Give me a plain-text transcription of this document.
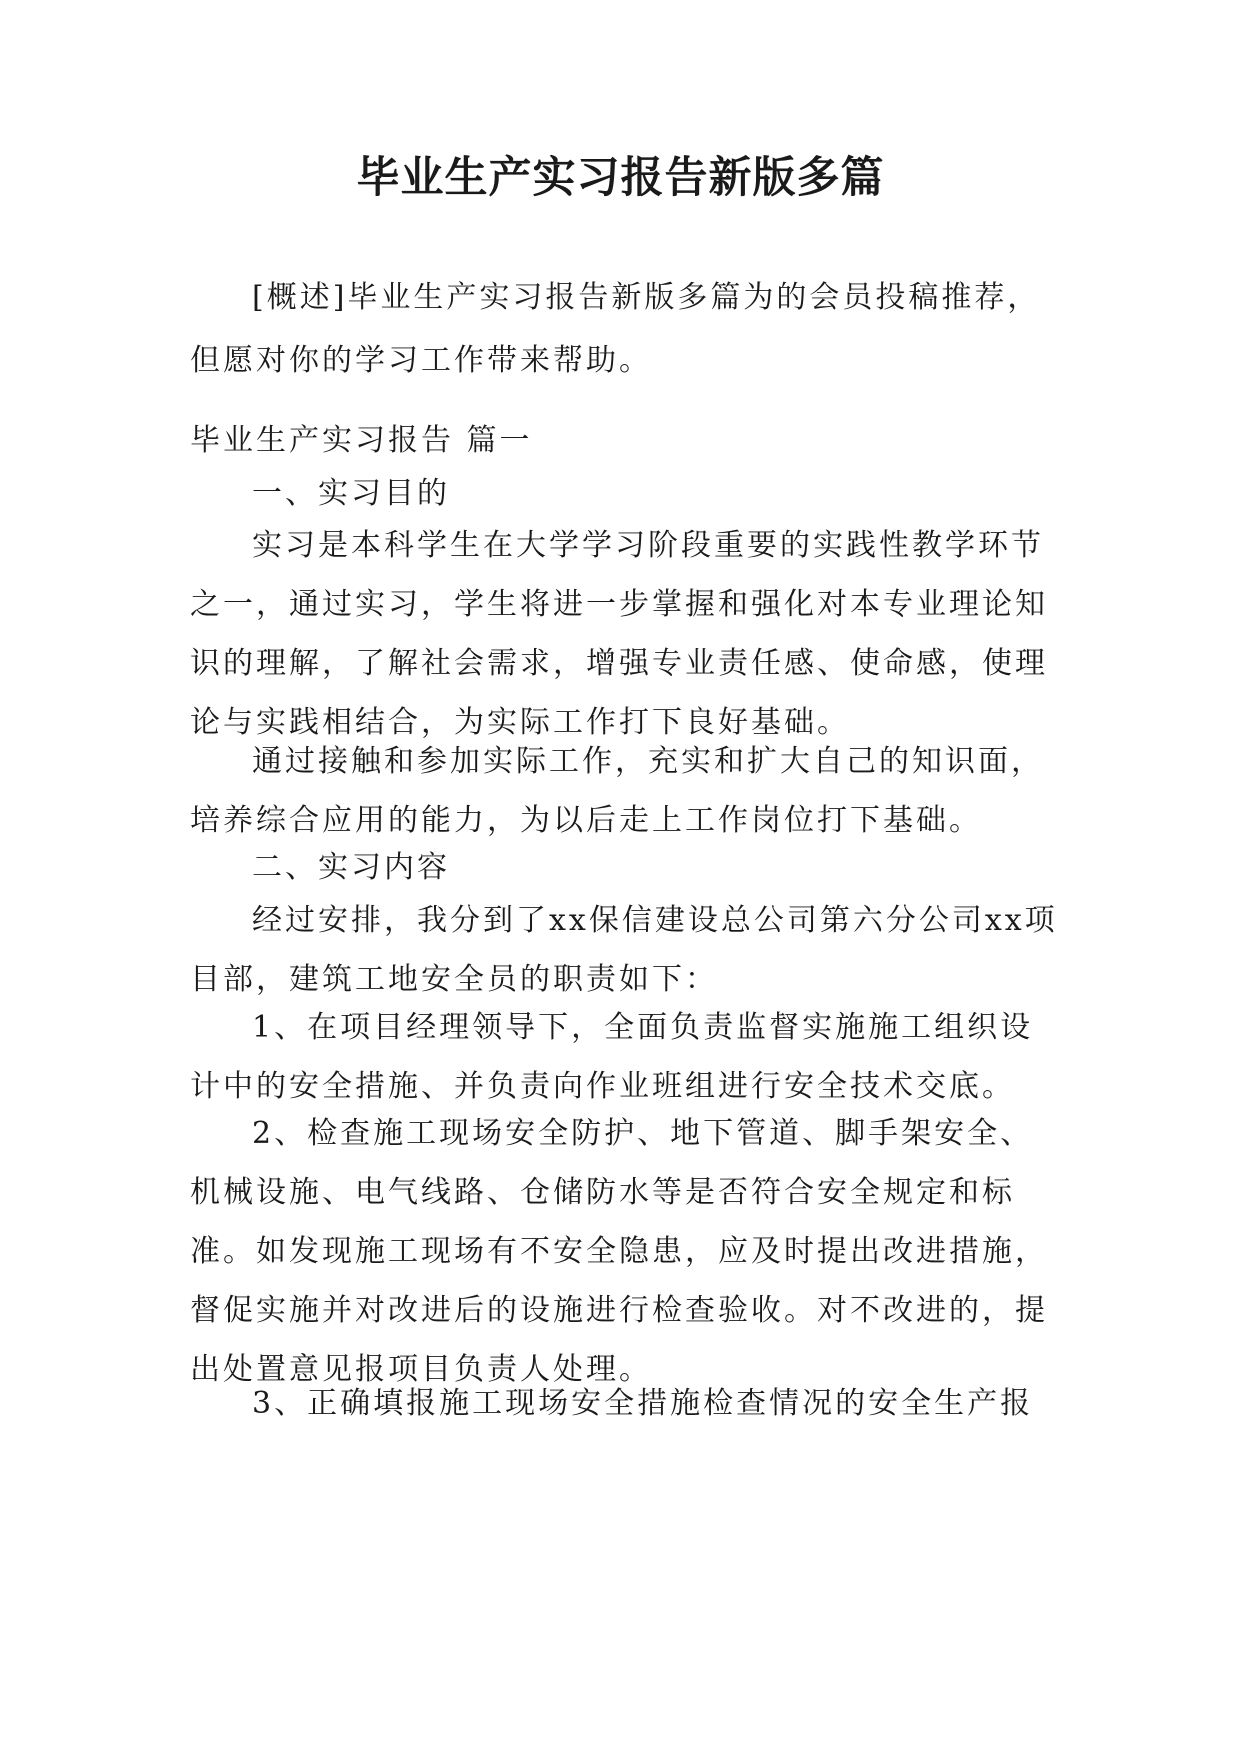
毕业生产实习报告新版多篇

[概述]毕业生产实习报告新版多篇为的会员投稿推荐，但愿对你的学习工作带来帮助。

毕业生产实习报告 篇一

一、实习目的

实习是本科学生在大学学习阶段重要的实践性教学环节之一，通过实习，学生将进一步掌握和强化对本专业理论知识的理解，了解社会需求，增强专业责任感、使命感，使理论与实践相结合，为实际工作打下良好基础。

通过接触和参加实际工作，充实和扩大自己的知识面，培养综合应用的能力，为以后走上工作岗位打下基础。

二、实习内容

经过安排，我分到了xx保信建设总公司第六分公司xx项目部，建筑工地安全员的职责如下：

1、在项目经理领导下，全面负责监督实施施工组织设计中的安全措施、并负责向作业班组进行安全技术交底。

2、检查施工现场安全防护、地下管道、脚手架安全、机械设施、电气线路、仓储防水等是否符合安全规定和标准。如发现施工现场有不安全隐患，应及时提出改进措施，督促实施并对改进后的设施进行检查验收。对不改进的，提出处置意见报项目负责人处理。

3、正确填报施工现场安全措施检查情况的安全生产报
